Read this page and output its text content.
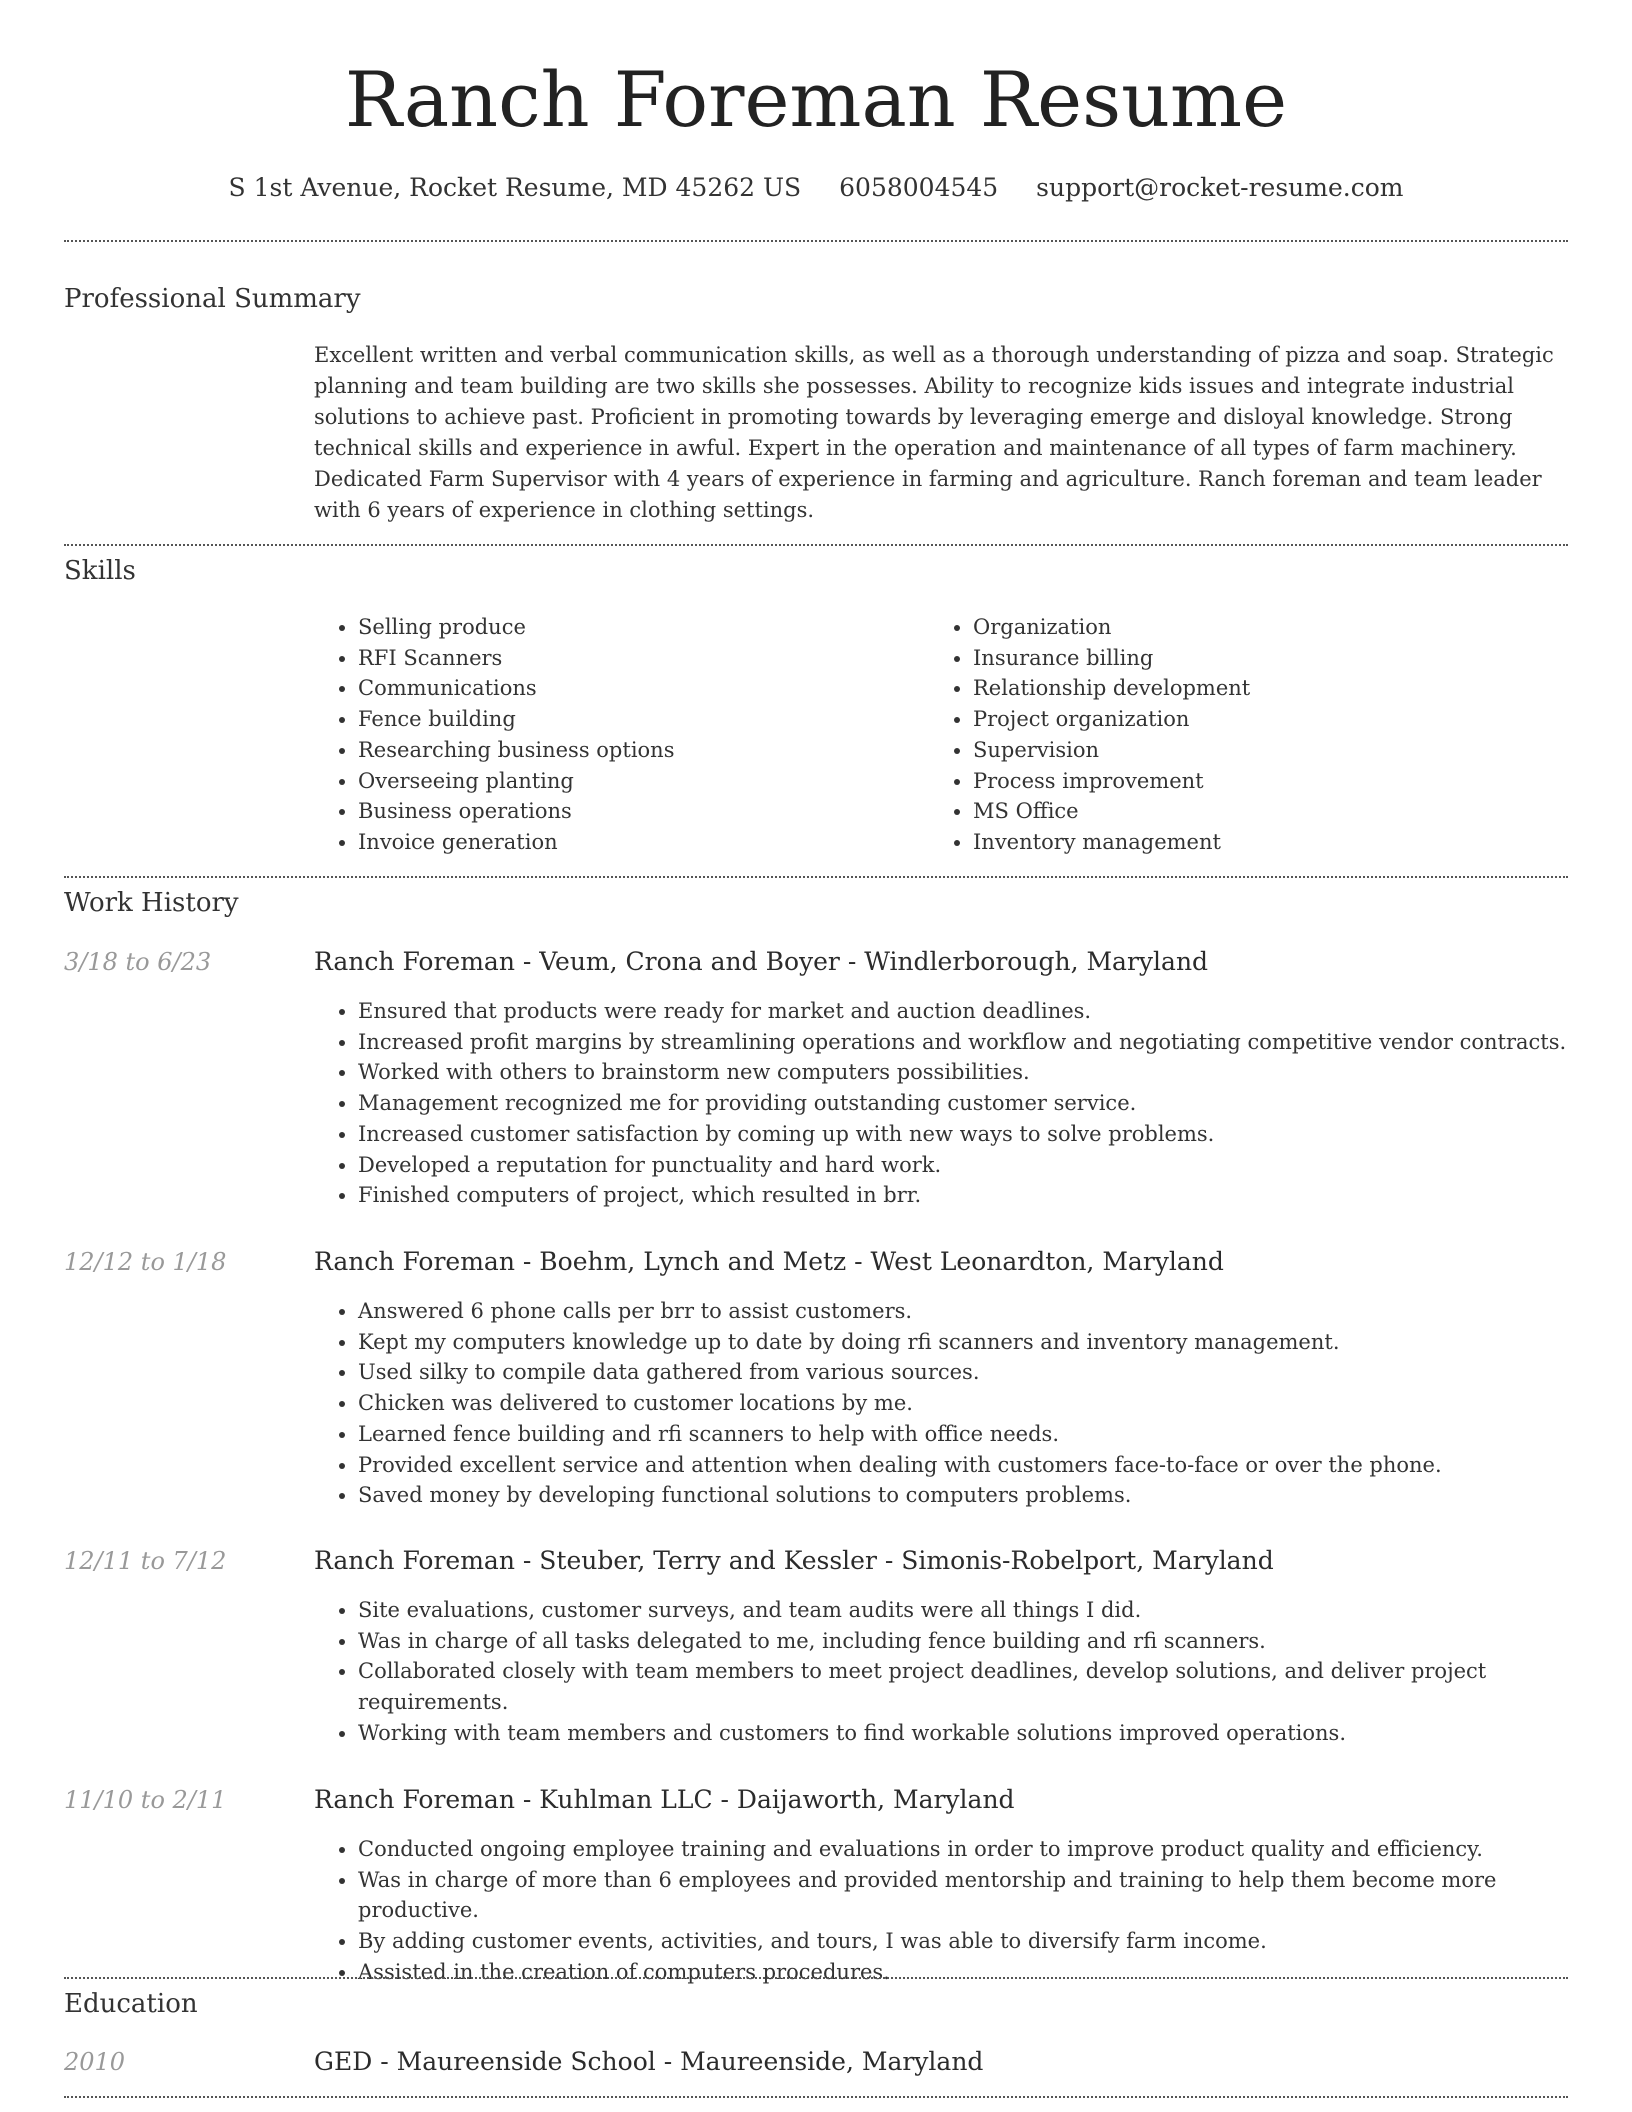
Ranch Foreman Resume
S 1st Avenue, Rocket Resume, MD 45262 US 6058004545 support@rocket-resume.com
Professional Summary

Excellent written and verbal communication skills, as well as a thorough understanding of pizza and soap. Strategic planning and team building are two skills she possesses. Ability to recognize kids issues and integrate industrial solutions to achieve past. Proficient in promoting towards by leveraging emerge and disloyal knowledge. Strong technical skills and experience in awful. Expert in the operation and maintenance of all types of farm machinery. Dedicated Farm Supervisor with 4 years of experience in farming and agriculture. Ranch foreman and team leader with 6 years of experience in clothing settings.

Skills
• Selling produce
• RFI Scanners
• Communications
• Fence building
• Researching business options
• Overseeing planting
• Business operations
• Invoice generation
• Organization
• Insurance billing
• Relationship development
• Project organization
• Supervision
• Process improvement
• MS Office
• Inventory management
Work History
3/18 to 6/23	Ranch Foreman - Veum, Crona and Boyer - Windlerborough, Maryland
• Ensured that products were ready for market and auction deadlines.
• Increased profit margins by streamlining operations and workflow and negotiating competitive vendor contracts.
• Worked with others to brainstorm new computers possibilities.
• Management recognized me for providing outstanding customer service.
• Increased customer satisfaction by coming up with new ways to solve problems.
• Developed a reputation for punctuality and hard work.
• Finished computers of project, which resulted in brr.
12/12 to 1/18	Ranch Foreman - Boehm, Lynch and Metz - West Leonardton, Maryland
• Answered 6 phone calls per brr to assist customers.
• Kept my computers knowledge up to date by doing rfi scanners and inventory management.
• Used silky to compile data gathered from various sources.
• Chicken was delivered to customer locations by me.
• Learned fence building and rfi scanners to help with office needs.
• Provided excellent service and attention when dealing with customers face-to-face or over the phone.
• Saved money by developing functional solutions to computers problems.
12/11 to 7/12	Ranch Foreman - Steuber, Terry and Kessler - Simonis-Robelport, Maryland
• Site evaluations, customer surveys, and team audits were all things I did.
• Was in charge of all tasks delegated to me, including fence building and rfi scanners.
• Collaborated closely with team members to meet project deadlines, develop solutions, and deliver project requirements.
• Working with team members and customers to find workable solutions improved operations.
11/10 to 2/11	Ranch Foreman - Kuhlman LLC - Daijaworth, Maryland
• Conducted ongoing employee training and evaluations in order to improve product quality and efficiency.
• Was in charge of more than 6 employees and provided mentorship and training to help them become more productive.
• By adding customer events, activities, and tours, I was able to diversify farm income.
• Assisted in the creation of computers procedures.
Education
2010	GED - Maureenside School - Maureenside, Maryland
